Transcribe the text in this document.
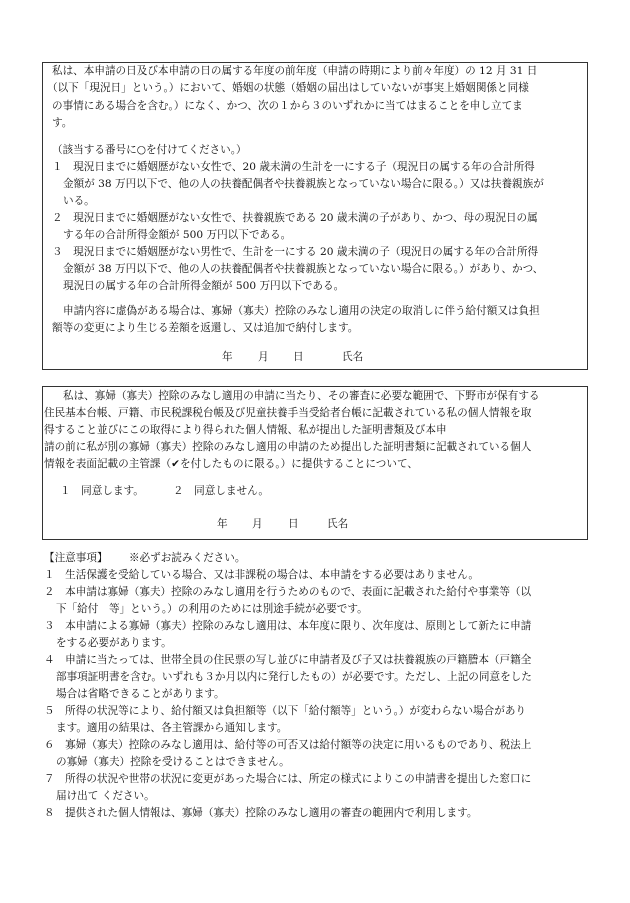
私は、本申請の日及び本申請の日の属する年度の前年度（申請の時期により前々年度）の 12 月 31 日
（以下「現況日」という。）において、婚姻の状態（婚姻の届出はしていないが事実上婚姻関係と同様
の事情にある場合を含む。）になく、かつ、次の１から３のいずれかに当てはまることを申し立てま
す。
（該当する番号に○を付けてください。）
１　現況日までに婚姻歴がない女性で、20 歳未満の生計を一にする子（現況日の属する年の合計所得
金額が 38 万円以下で、他の人の扶養配偶者や扶養親族となっていない場合に限る。）又は扶養親族が
いる。
２　現況日までに婚姻歴がない女性で、扶養親族である 20 歳未満の子があり、かつ、母の現況日の属
する年の合計所得金額が 500 万円以下である。
３　現況日までに婚姻歴がない男性で、生計を一にする 20 歳未満の子（現況日の属する年の合計所得
金額が 38 万円以下で、他の人の扶養配偶者や扶養親族となっていない場合に限る。）があり、かつ、
現況日の属する年の合計所得金額が 500 万円以下である。
申請内容に虚偽がある場合は、寡婦（寡夫）控除のみなし適用の決定の取消しに伴う給付額又は負担
額等の変更により生じる差額を返還し、又は追加で納付します。
年 月 日	氏名
私は、寡婦（寡夫）控除のみなし適用の申請に当たり、その審査に必要な範囲で、下野市が保有する
住民基本台帳、戸籍、市民税課税台帳及び児童扶養手当受給者台帳に記載されている私の個人情報を取
得すること並びにこの取得により得られた個人情報、私が提出した証明書類及び本申
請の前に私が別の寡婦（寡夫）控除のみなし適用の申請のため提出した証明書類に記載されている個人
情報を表面記載の主管課（✔を付したものに限る。）に提供することについて、
１　同意します。	２　同意しません。
年 月 日	氏名
【注意事項】 ※必ずお読みください。
１　生活保護を受給している場合、又は非課税の場合は、本申請をする必要はありません。
２　本申請は寡婦（寡夫）控除のみなし適用を行うためのもので、表面に記載された給付や事業等（以
下「給付　等」という。）の利用のためには別途手続が必要です。
３　本申請による寡婦（寡夫）控除のみなし適用は、本年度に限り、次年度は、原則として新たに申請
をする必要があります。
４　申請に当たっては、世帯全員の住民票の写し並びに申請者及び子又は扶養親族の戸籍謄本（戸籍全
部事項証明書を含む。いずれも３か月以内に発行したもの）が必要です。ただし、上記の同意をした
場合は省略できることがあります。
５　所得の状況等により、給付額又は負担額等（以下「給付額等」という。）が変わらない場合があり
ます。適用の結果は、各主管課から通知します。
６　寡婦（寡夫）控除のみなし適用は、給付等の可否又は給付額等の決定に用いるものであり、税法上
の寡婦（寡夫）控除を受けることはできません。
７　所得の状況や世帯の状況に変更があった場合には、所定の様式によりこの申請書を提出した窓口に
届け出て ください。
８　提供された個人情報は、寡婦（寡夫）控除のみなし適用の審査の範囲内で利用します。
